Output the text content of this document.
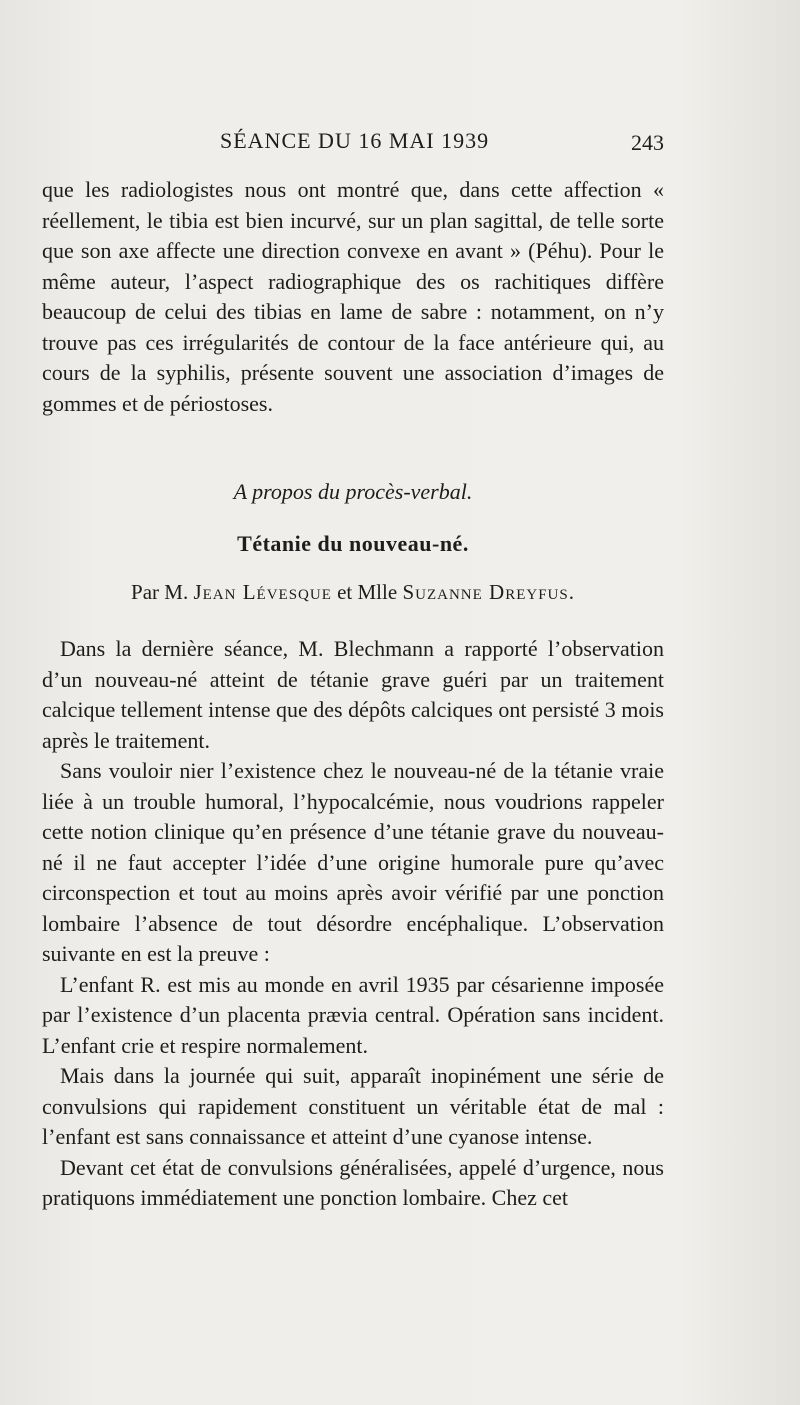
SÉANCE DU 16 MAI 1939	243

que les radiologistes nous ont montré que, dans cette affection « réellement, le tibia est bien incurvé, sur un plan sagittal, de telle sorte que son axe affecte une direction convexe en avant » (Péhu). Pour le même auteur, l’aspect radiographique des os rachitiques diffère beaucoup de celui des tibias en lame de sabre : notamment, on n’y trouve pas ces irrégularités de contour de la face antérieure qui, au cours de la syphilis, présente souvent une association d’images de gommes et de périostoses.

A propos du procès-verbal.
Tétanie du nouveau-né.
Par M. Jean Lévesque et Mlle Suzanne Dreyfus.

Dans la dernière séance, M. Blechmann a rapporté l’observation d’un nouveau-né atteint de tétanie grave guéri par un traitement calcique tellement intense que des dépôts calciques ont persisté 3 mois après le traitement.

Sans vouloir nier l’existence chez le nouveau-né de la tétanie vraie liée à un trouble humoral, l’hypocalcémie, nous voudrions rappeler cette notion clinique qu’en présence d’une tétanie grave du nouveau-né il ne faut accepter l’idée d’une origine humorale pure qu’avec circonspection et tout au moins après avoir vérifié par une ponction lombaire l’absence de tout désordre encéphalique. L’observation suivante en est la preuve :

L’enfant R. est mis au monde en avril 1935 par césarienne imposée par l’existence d’un placenta prævia central. Opération sans incident. L’enfant crie et respire normalement.

Mais dans la journée qui suit, apparaît inopinément une série de convulsions qui rapidement constituent un véritable état de mal : l’enfant est sans connaissance et atteint d’une cyanose intense.

Devant cet état de convulsions généralisées, appelé d’urgence, nous pratiquons immédiatement une ponction lombaire. Chez cet
